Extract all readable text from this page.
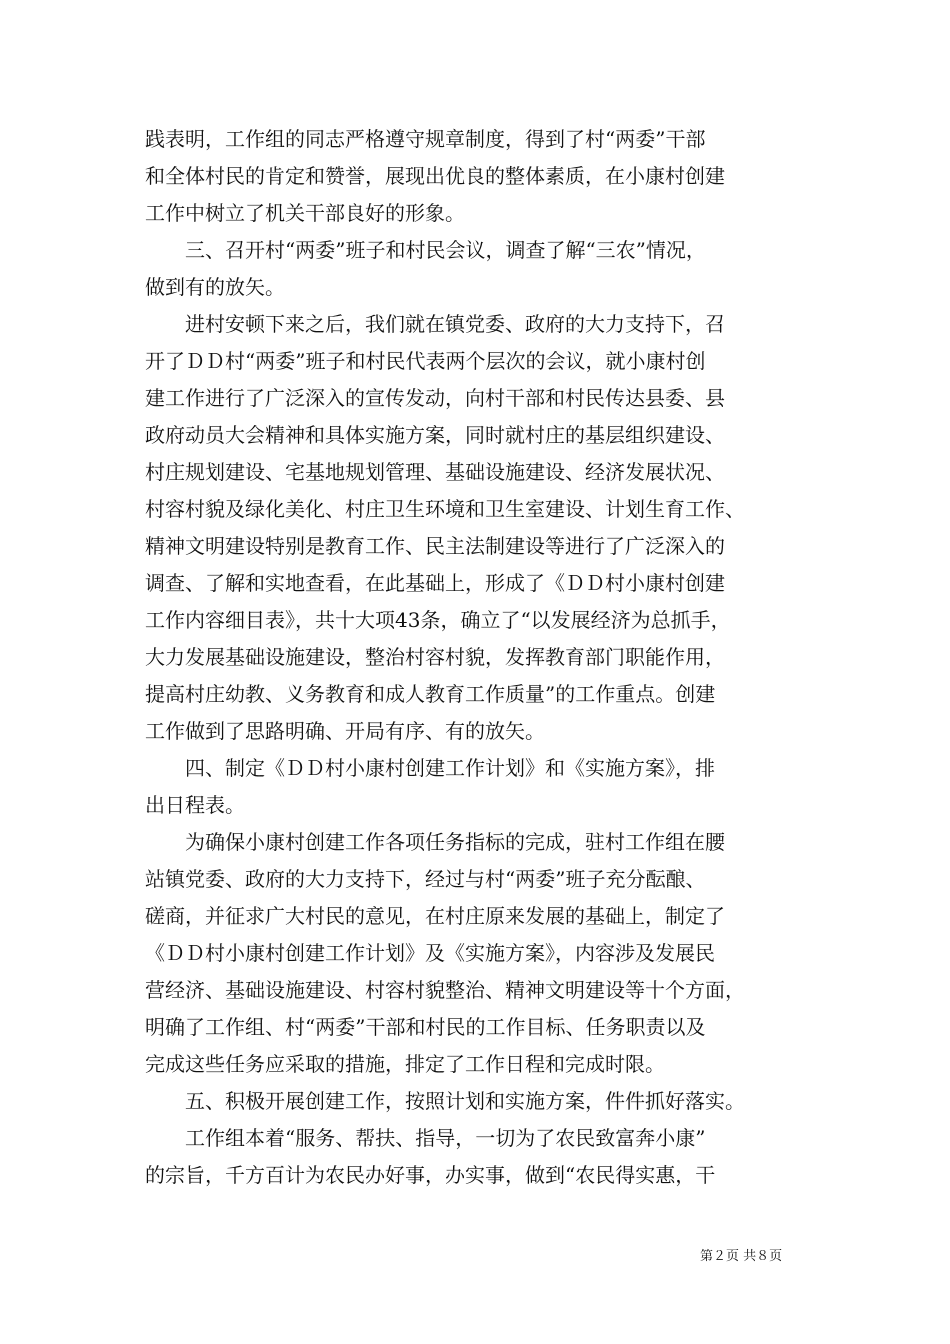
践表明，工作组的同志严格遵守规章制度，得到了村“两委”干部
和全体村民的肯定和赞誉，展现出优良的整体素质，在小康村创建
工作中树立了机关干部良好的形象。
三、召开村“两委”班子和村民会议，调查了解“三农”情况，
做到有的放矢。
进村安顿下来之后，我们就在镇党委、政府的大力支持下，召
开了ＤＤ村“两委”班子和村民代表两个层次的会议，就小康村创
建工作进行了广泛深入的宣传发动，向村干部和村民传达县委、县
政府动员大会精神和具体实施方案，同时就村庄的基层组织建设、
村庄规划建设、宅基地规划管理、基础设施建设、经济发展状况、
村容村貌及绿化美化、村庄卫生环境和卫生室建设、计划生育工作、
精神文明建设特别是教育工作、民主法制建设等进行了广泛深入的
调查、了解和实地查看，在此基础上，形成了《ＤＤ村小康村创建
工作内容细目表》，共十大项43条，确立了“以发展经济为总抓手，
大力发展基础设施建设，整治村容村貌，发挥教育部门职能作用，
提高村庄幼教、义务教育和成人教育工作质量”的工作重点。创建
工作做到了思路明确、开局有序、有的放矢。
四、制定《ＤＤ村小康村创建工作计划》和《实施方案》，排
出日程表。
为确保小康村创建工作各项任务指标的完成，驻村工作组在腰
站镇党委、政府的大力支持下，经过与村“两委”班子充分酝酿、
磋商，并征求广大村民的意见，在村庄原来发展的基础上，制定了
《ＤＤ村小康村创建工作计划》及《实施方案》，内容涉及发展民
营经济、基础设施建设、村容村貌整治、精神文明建设等十个方面，
明确了工作组、村“两委”干部和村民的工作目标、任务职责以及
完成这些任务应采取的措施，排定了工作日程和完成时限。
五、积极开展创建工作，按照计划和实施方案，件件抓好落实。
工作组本着“服务、帮扶、指导，一切为了农民致富奔小康”
的宗旨，千方百计为农民办好事，办实事，做到“农民得实惠，干
第２页 共８页
